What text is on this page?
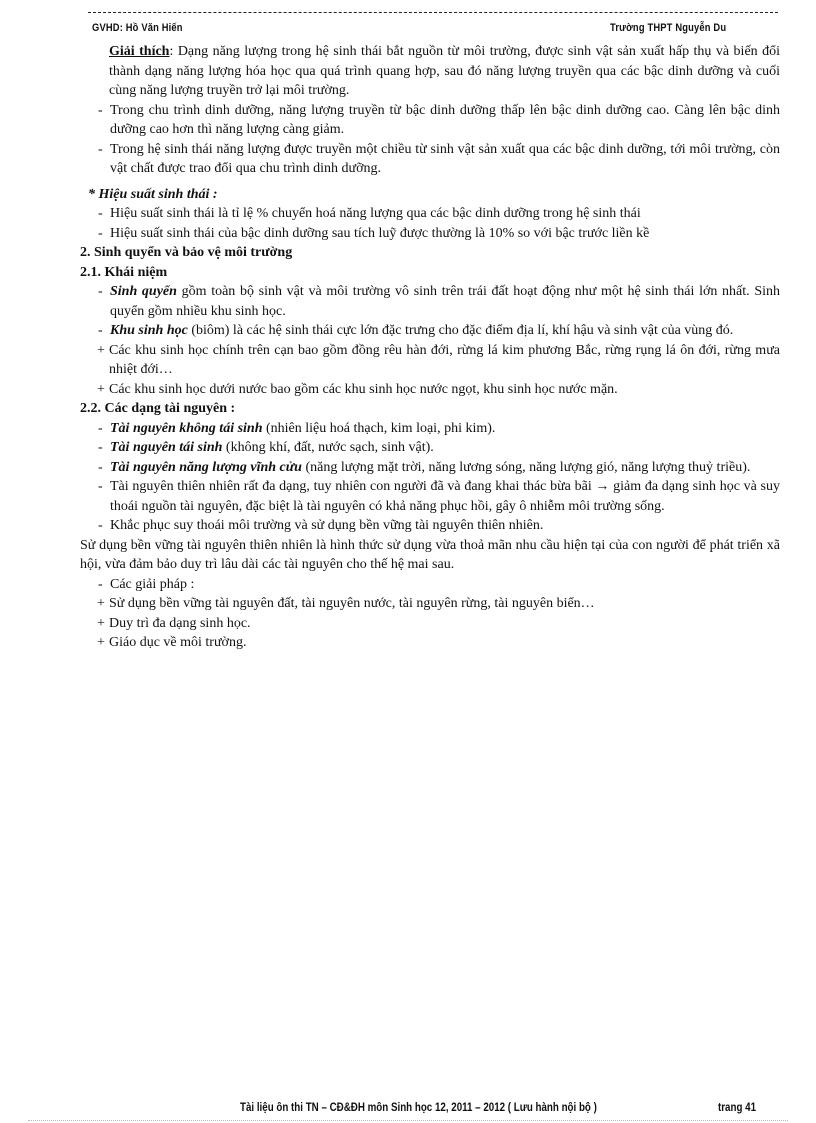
GVHD: Hồ Văn Hiến	Trường THPT Nguyễn Du

Giải thích: Dạng năng lượng trong hệ sinh thái bắt nguồn từ môi trường, được sinh vật sản xuất hấp thụ và biến đổi thành dạng năng lượng hóa học qua quá trình quang hợp, sau đó năng lượng truyền qua các bậc dinh dưỡng và cuối cùng năng lượng truyền trở lại môi trường.

- Trong chu trình dinh dưỡng, năng lượng truyền từ bậc dinh dưỡng thấp lên bậc dinh dưỡng cao. Càng lên bậc dinh dưỡng cao hơn thì năng lượng càng giảm.

- Trong hệ sinh thái năng lượng được truyền một chiều từ sinh vật sản xuất qua các bậc dinh dưỡng, tới môi trường, còn vật chất được trao đổi qua chu trình dinh dưỡng.

* Hiệu suất sinh thái :

- Hiệu suất sinh thái là tỉ lệ % chuyển hoá năng lượng qua các bậc dinh dưỡng trong hệ sinh thái

- Hiệu suất sinh thái của bậc dinh dưỡng sau tích luỹ được thường là 10% so với bậc trước liền kề

2. Sinh quyển và bảo vệ môi trường

2.1. Khái niệm

- Sinh quyển gồm toàn bộ sinh vật và môi trường vô sinh trên trái đất hoạt động như một hệ sinh thái lớn nhất. Sinh quyển gồm nhiều khu sinh học.

- Khu sinh học (biôm) là các hệ sinh thái cực lớn đặc trưng cho đặc điểm địa lí, khí hậu và sinh vật của vùng đó.

+ Các khu sinh học chính trên cạn bao gồm đồng rêu hàn đới, rừng lá kim phương Bắc, rừng rụng lá ôn đới, rừng mưa nhiệt đới…

+ Các khu sinh học dưới nước bao gồm các khu sinh học nước ngọt, khu sinh học nước mặn.

2.2. Các dạng tài nguyên :

- Tài nguyên không tái sinh (nhiên liệu hoá thạch, kim loại, phi kim).

- Tài nguyên tái sinh (không khí, đất, nước sạch, sinh vật).

- Tài nguyên năng lượng vĩnh cửu (năng lượng mặt trời, năng lương sóng, năng lượng gió, năng lượng thuỷ triều).

- Tài nguyên thiên nhiên rất đa dạng, tuy nhiên con người đã và đang khai thác bừa bãi → giảm đa dạng sinh học và suy thoái nguồn tài nguyên, đặc biệt là tài nguyên có khả năng phục hồi, gây ô nhiễm môi trường sống.

- Khắc phục suy thoái môi trường và sử dụng bền vững tài nguyên thiên nhiên.

Sử dụng bền vững tài nguyên thiên nhiên là hình thức sử dụng vừa thoả mãn nhu cầu hiện tại của con người để phát triển xã hội, vừa đảm bảo duy trì lâu dài các tài nguyên cho thế hệ mai sau.

- Các giải pháp :

+ Sử dụng bền vững tài nguyên đất, tài nguyên nước, tài nguyên rừng, tài nguyên biển…

+ Duy trì đa dạng sinh học.

+ Giáo dục về môi trường.

Tài liệu ôn thi TN – CĐ&ĐH môn Sinh học 12, 2011 – 2012 ( Lưu hành nội bộ )	trang 41
